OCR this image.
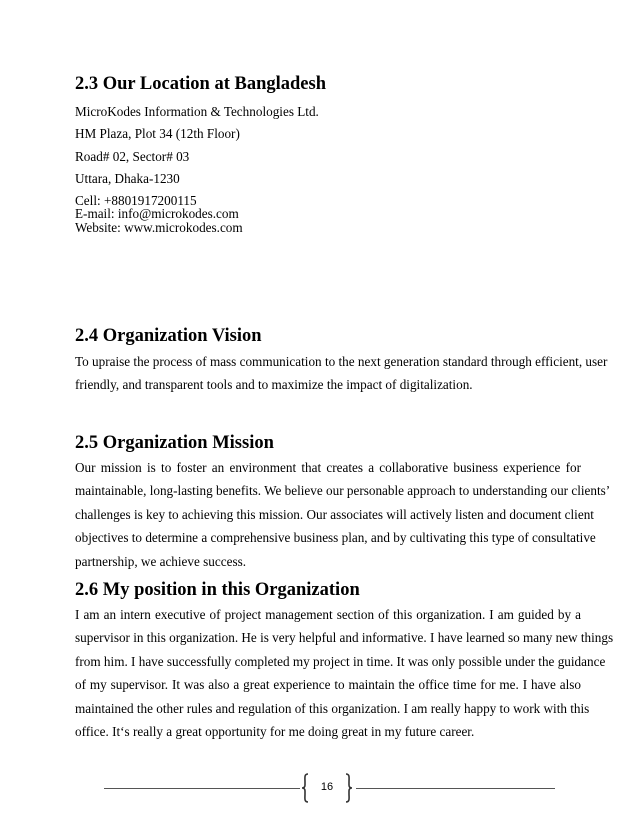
2.3 Our Location at Bangladesh
MicroKodes Information & Technologies Ltd.
HM Plaza, Plot 34 (12th Floor)
Road# 02, Sector# 03
Uttara, Dhaka-1230
Cell: +8801917200115
E-mail: info@microkodes.com
Website: www.microkodes.com
2.4 Organization Vision
To upraise the process of mass communication to the next generation standard through efficient, user
friendly, and transparent tools and to maximize the impact of digitalization.
2.5 Organization Mission
Our mission is to foster an environment that creates a collaborative business experience for
maintainable, long-lasting benefits. We believe our personable approach to understanding our clients’
challenges is key to achieving this mission. Our associates will actively listen and document client
objectives to determine a comprehensive business plan, and by cultivating this type of consultative
partnership, we achieve success.
2.6 My position in this Organization
I am an intern executive of project management section of this organization. I am guided by a
supervisor in this organization. He is very helpful and informative. I have learned so many new things
from him. I have successfully completed my project in time. It was only possible under the guidance
of my supervisor. It was also a great experience to maintain the office time for me. I have also
maintained the other rules and regulation of this organization. I am really happy to work with this
office. It‘s really a great opportunity for me doing great in my future career.
16
